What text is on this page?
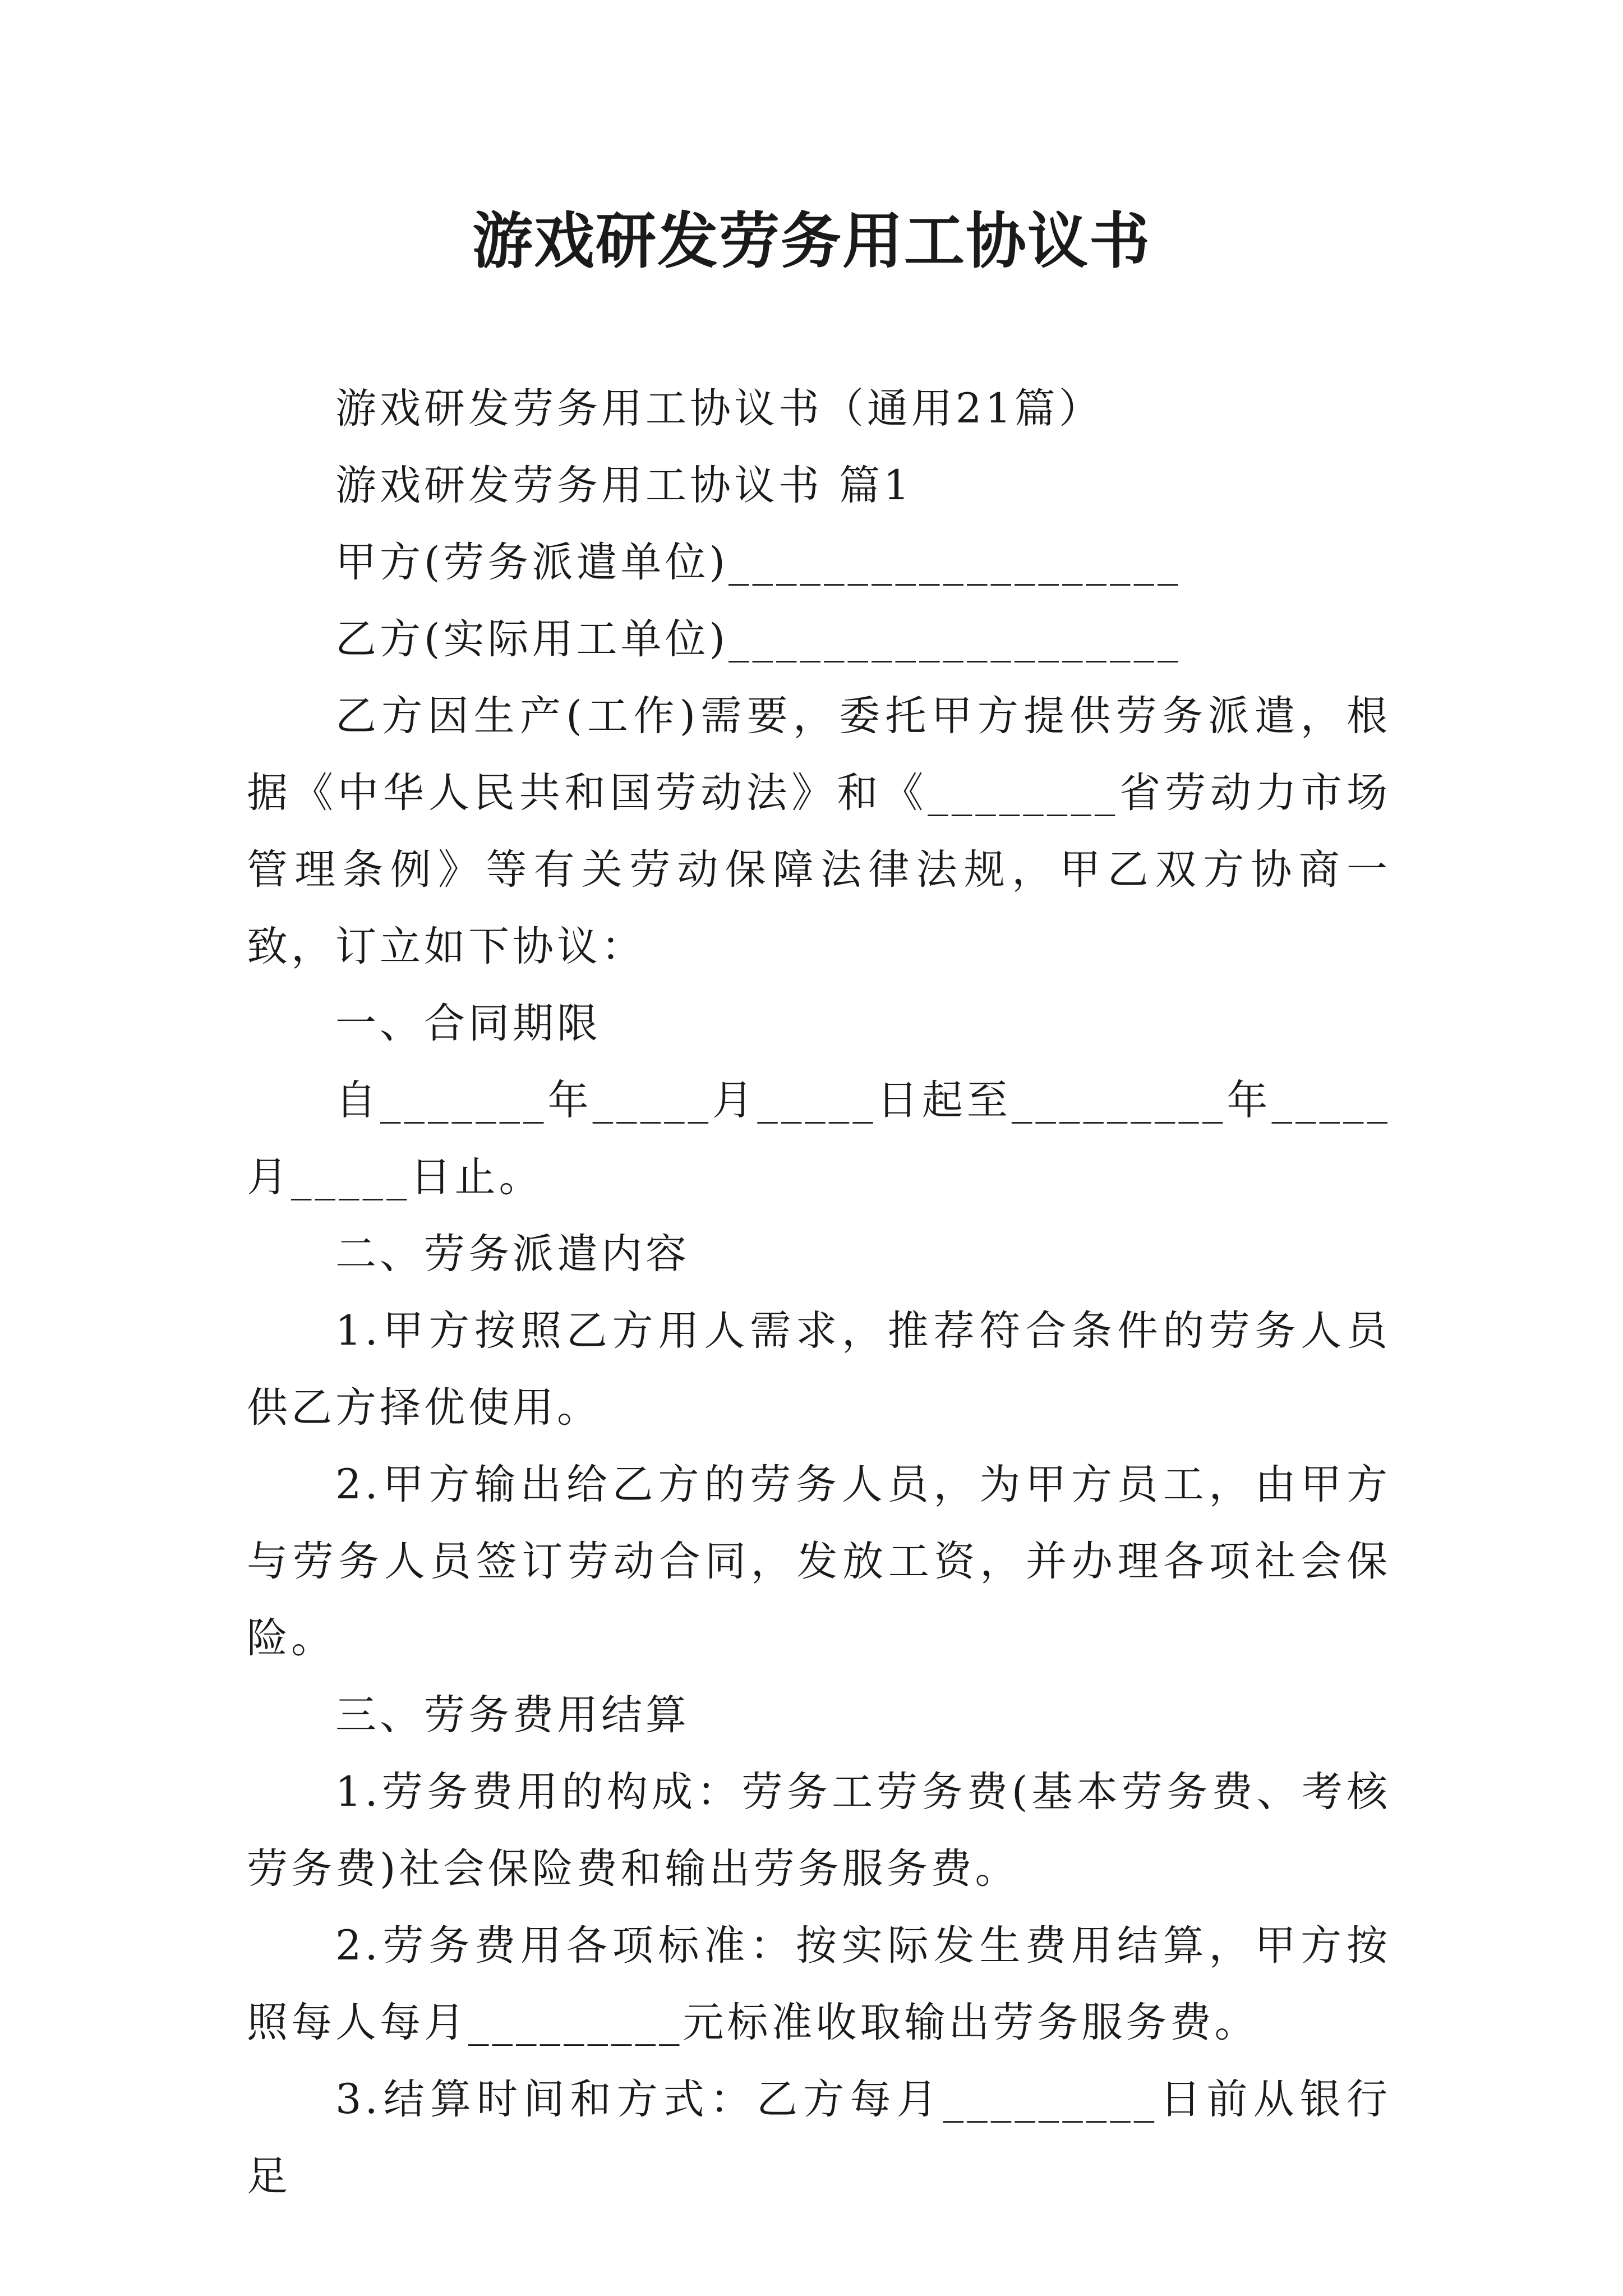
游戏研发劳务用工协议书

游戏研发劳务用工协议书（通用21篇）

游戏研发劳务用工协议书 篇1

甲方(劳务派遣单位)___________________

乙方(实际用工单位)___________________

乙方因生产(工作)需要，委托甲方提供劳务派遣，根据《中华人民共和国劳动法》和《________省劳动力市场管理条例》等有关劳动保障法律法规，甲乙双方协商一致，订立如下协议：

一、合同期限

自_______年_____月_____日起至_________年_____月_____日止。

二、劳务派遣内容

1.甲方按照乙方用人需求，推荐符合条件的劳务人员供乙方择优使用。

2.甲方输出给乙方的劳务人员，为甲方员工，由甲方与劳务人员签订劳动合同，发放工资，并办理各项社会保险。

三、劳务费用结算

1.劳务费用的构成：劳务工劳务费(基本劳务费、考核劳务费)社会保险费和输出劳务服务费。

2.劳务费用各项标准：按实际发生费用结算，甲方按照每人每月_________元标准收取输出劳务服务费。

3.结算时间和方式：乙方每月_________日前从银行足
